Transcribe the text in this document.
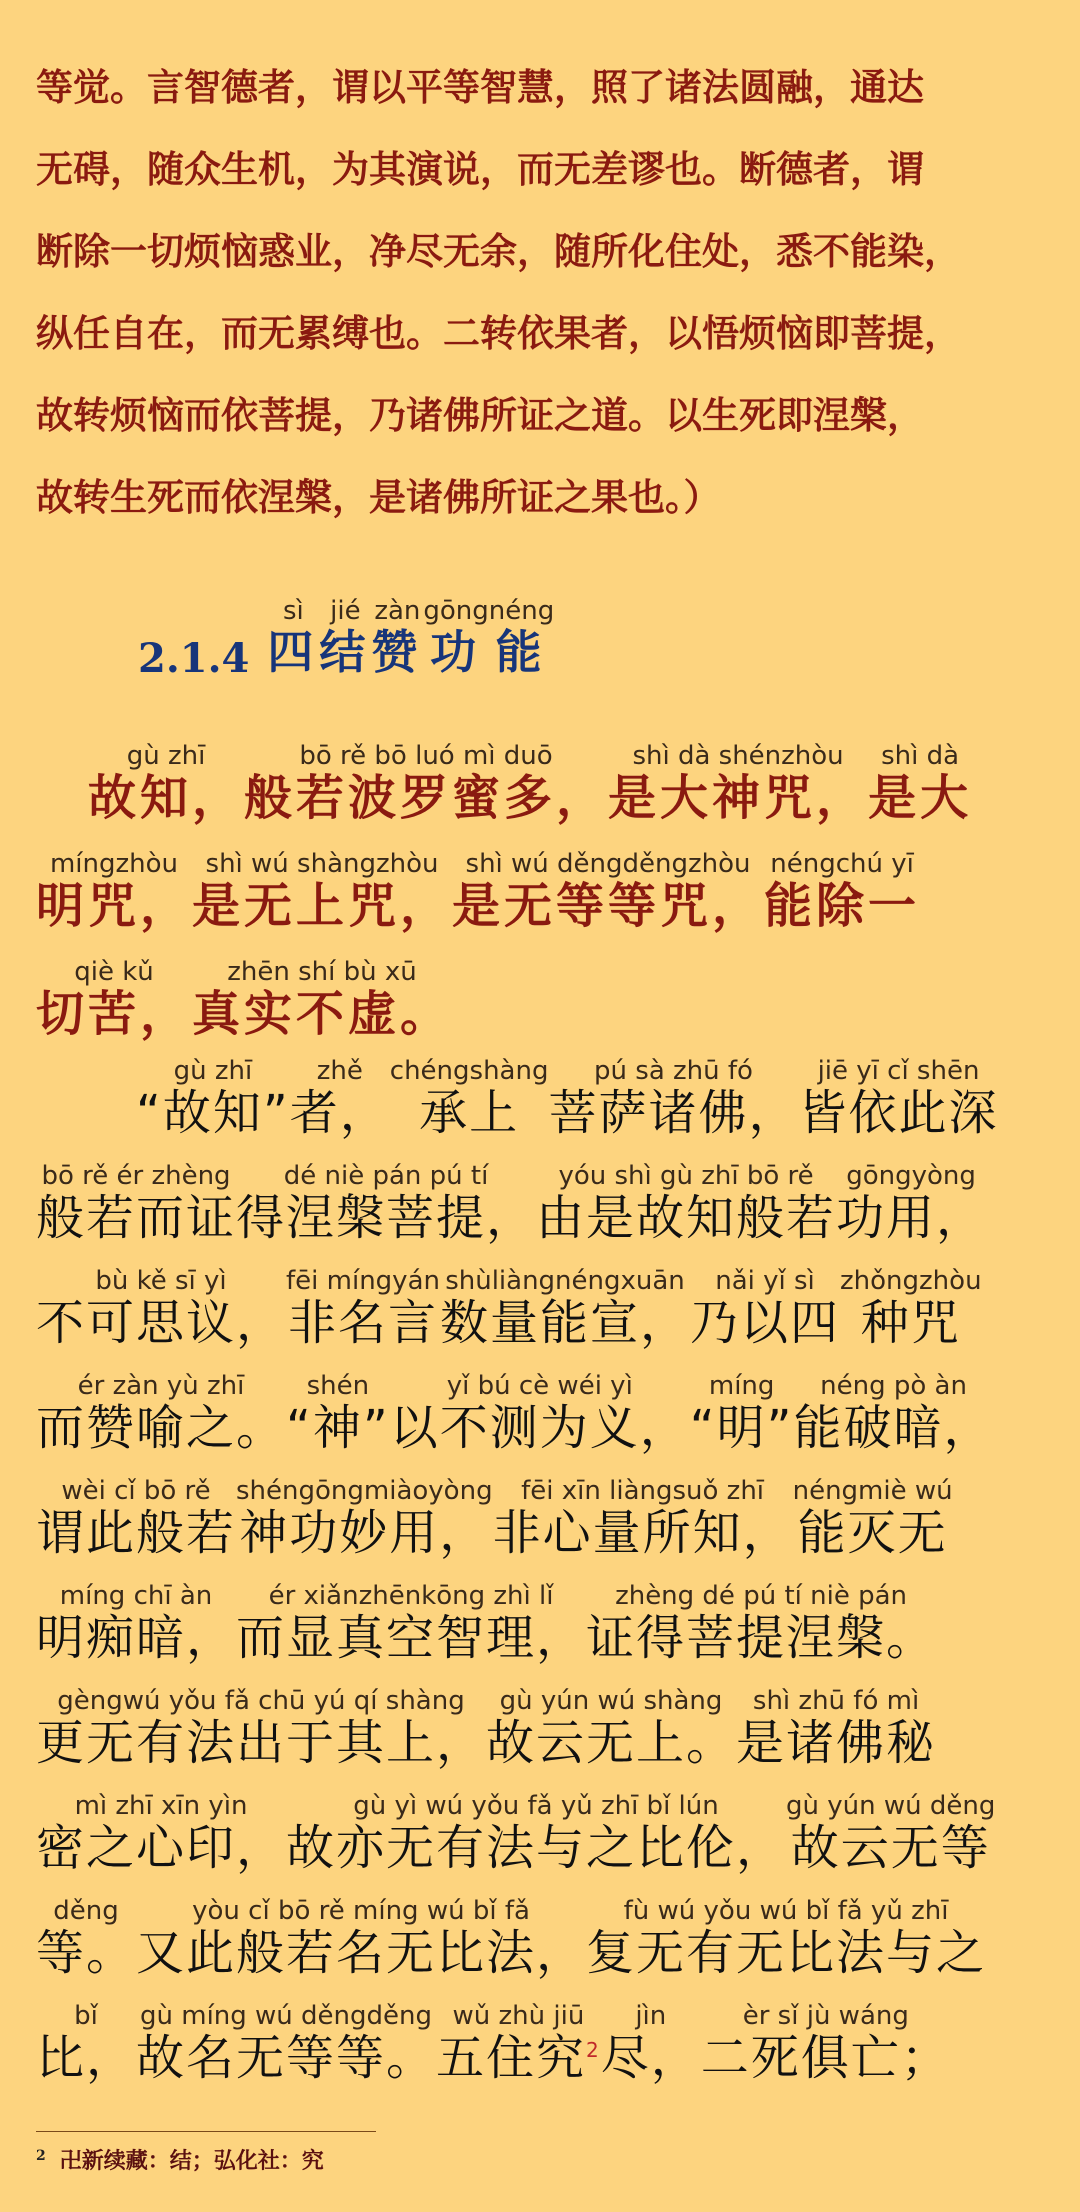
等觉。言智德者，谓以平等智慧，照了诸法圆融，通达
无碍，随众生机，为其演说，而无差谬也。断德者，谓
断除一切烦恼惑业，净尽无余，随所化住处，悉不能染，
纵任自在，而无累缚也。二转依果者，以悟烦恼即菩提，
故转烦恼而依菩提，乃诸佛所证之道。以生死即涅槃，
故转生死而依涅槃，是诸佛所证之果也。）
2.1.4
sì
四
jié
结
zàn
赞
gōng
功
néng
能

gù zhī
故知，
bō rě bō luó mì duō
般若波罗蜜多，
shì dà shénzhòu
是大神咒，
shì dà
是大
míngzhòu
明咒，
shì wú shàngzhòu
是无上咒，
shì wú děngděngzhòu
是无等等咒，
néngchú yī
能除一
qiè kǔ
切苦，
zhēn shí bù xū
真实不虚。

gù zhī
“故知”
zhě
者，
chéngshàng
承上
pú sà zhū fó
菩萨诸佛，
jiē yī cǐ shēn
皆依此深
bō rě ér zhèng
般若而证
dé niè pán pú tí
得涅槃菩提，
yóu shì gù zhī bō rě
由是故知般若
gōngyòng
功用，
bù kě sī yì
不可思议，
fēi míngyán
非名言
shùliàngnéngxuān
数量能宣，
nǎi yǐ sì
乃以四
zhǒngzhòu
种咒
ér zàn yù zhī
而赞喻之。
shén
“神”
yǐ bú cè wéi yì
以不测为义，
míng
“明”
néng pò àn
能破暗，
wèi cǐ bō rě
谓此般若
shéngōngmiàoyòng
神功妙用，
fēi xīn liàngsuǒ zhī
非心量所知，
néngmiè wú
能灭无
míng chī àn
明痴暗，
ér xiǎnzhēnkōng zhì lǐ
而显真空智理，
zhèng dé pú tí niè pán
证得菩提涅槃。
gèngwú yǒu fǎ chū yú qí shàng
更无有法出于其上，
gù yún wú shàng
故云无上。
shì zhū fó mì
是诸佛秘
mì zhī xīn yìn
密之心印，
gù yì wú yǒu fǎ yǔ zhī bǐ lún
故亦无有法与之比伦，
gù yún wú děng
故云无等
děng
等。
yòu cǐ bō rě míng wú bǐ fǎ
又此般若名无比法，
fù wú yǒu wú bǐ fǎ yǔ zhī
复无有无比法与之
bǐ
比，
gù míng wú děngděng
故名无等等。
wǔ zhù jiū
五住究$^2$
jìn
尽，
èr sǐ jù wáng
二死俱亡；
$^2$ 卍新续藏：结；弘化社：究
